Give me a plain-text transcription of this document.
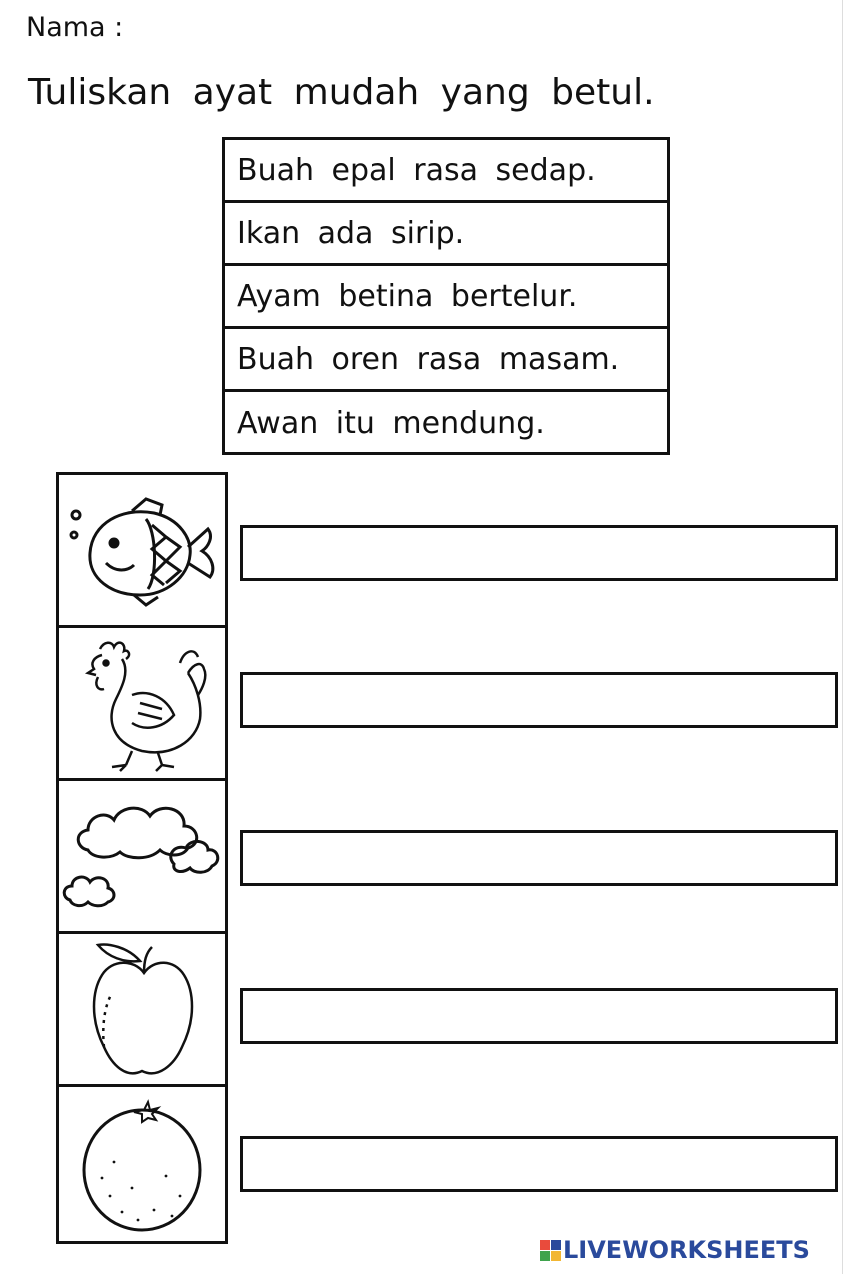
Nama :
Tuliskan ayat mudah yang betul.
Buah epal rasa sedap.
Ikan ada sirip.
Ayam betina bertelur.
Buah oren rasa masam.
Awan itu mendung.
LIVEWORKSHEETS
